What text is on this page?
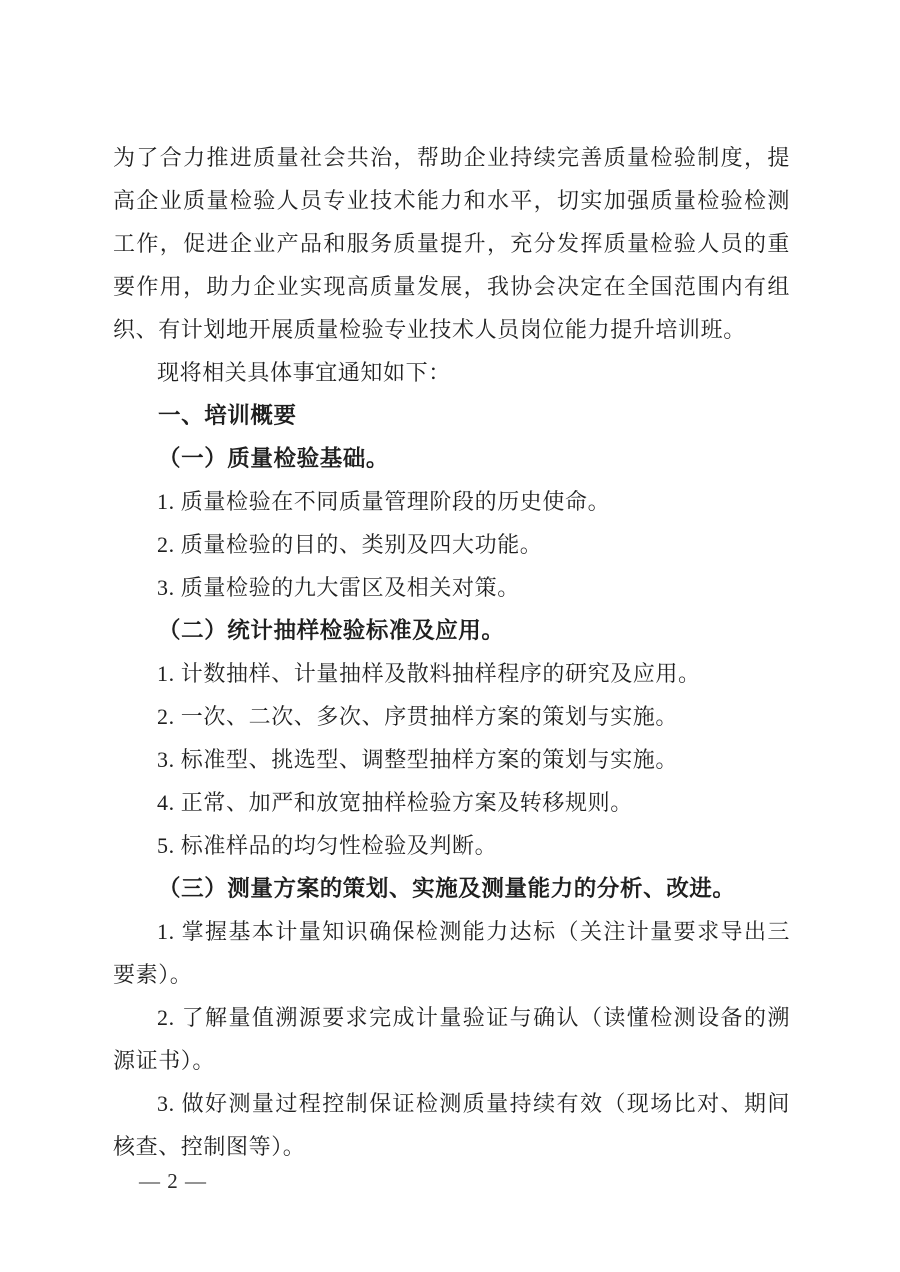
为了合力推进质量社会共治，帮助企业持续完善质量检验制度，提高企业质量检验人员专业技术能力和水平，切实加强质量检验检测工作，促进企业产品和服务质量提升，充分发挥质量检验人员的重要作用，助力企业实现高质量发展，我协会决定在全国范围内有组织、有计划地开展质量检验专业技术人员岗位能力提升培训班。

现将相关具体事宜通知如下：

一、培训概要

（一）质量检验基础。

1. 质量检验在不同质量管理阶段的历史使命。

2. 质量检验的目的、类别及四大功能。

3. 质量检验的九大雷区及相关对策。

（二）统计抽样检验标准及应用。

1. 计数抽样、计量抽样及散料抽样程序的研究及应用。

2. 一次、二次、多次、序贯抽样方案的策划与实施。

3. 标准型、挑选型、调整型抽样方案的策划与实施。

4. 正常、加严和放宽抽样检验方案及转移规则。

5. 标准样品的均匀性检验及判断。

（三）测量方案的策划、实施及测量能力的分析、改进。

1. 掌握基本计量知识确保检测能力达标（关注计量要求导出三要素）。

2. 了解量值溯源要求完成计量验证与确认（读懂检测设备的溯源证书）。

3. 做好测量过程控制保证检测质量持续有效（现场比对、期间核查、控制图等）。

— 2 —
